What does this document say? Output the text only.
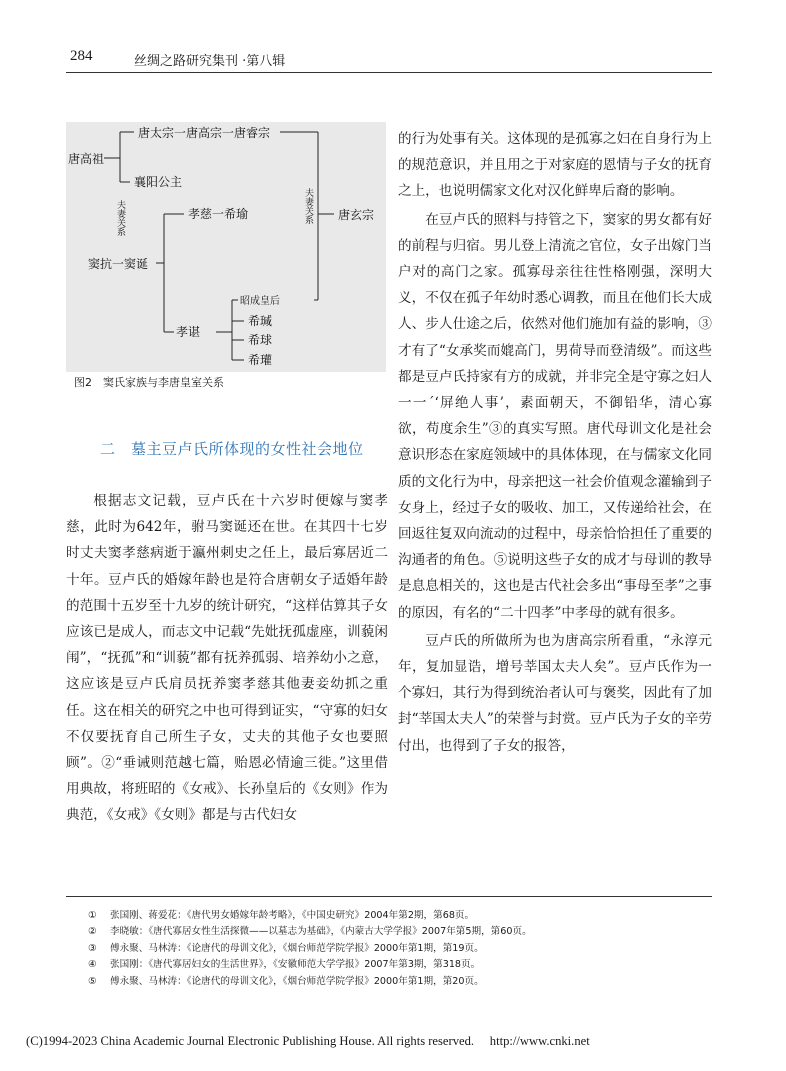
284	丝绸之路研究集刊 ·第八辑
唐太宗一唐高宗一唐睿宗
唐高祖
襄阳公主
夫妻关系	孝慈一希瑜	夫妻关系 唐玄宗
窦抗一窦诞
昭成皇后
孝谌
希瑊
希球
希瓘
图2　窦氏家族与李唐皇室关系
二　墓主豆卢氏所体现的女性社会地位

根据志文记载，豆卢氏在十六岁时便嫁与窦孝慈，此时为642年，驸马窦诞还在世。在其四十七岁时丈夫窦孝慈病逝于瀛州刺史之任上，最后寡居近二十年。豆卢氏的婚嫁年龄也是符合唐朝女子适婚年龄的范围十五岁至十九岁的统计研究，“这样估算其子女应该已是成人，而志文中记载“先妣抚孤虚座，训藐闲闱”，“抚孤”和“训藐”都有抚养孤弱、培养幼小之意，这应该是豆卢氏肩员抚养窦孝慈其他妻妾幼抓之重任。这在相关的研究之中也可得到证实，“守寡的妇女不仅要抚育自己所生子女，丈夫的其他子女也要照顾”。②“垂诫则范越七篇，贻恩必情逾三徙。”这里借用典故，将班昭的《女戒》、长孙皇后的《女则》作为典范，《女戒》《女则》都是与古代妇女

的行为处事有关。这体现的是孤寡之妇在自身行为上的规范意识，并且用之于对家庭的恩情与子女的抚育之上，也说明儒家文化对汉化鲜卑后裔的影响。

在豆卢氏的照料与持管之下，窦家的男女都有好的前程与归宿。男儿登上清流之官位，女子出嫁门当户对的高门之家。孤寡母亲往往性格刚强，深明大义，不仅在孤子年幼时悉心调教，而且在他们长大成人、步人仕途之后，依然对他们施加有益的影响，③才有了“女承奖而媲高门，男荷导而登清级”。而这些都是豆卢氏持家有方的成就，并非完全是守寡之妇人一一´‘屏绝人事’，素面朝天，不御铅华，清心寡欲，苟度余生”③的真实写照。唐代母训文化是社会意识形态在家庭领域中的具体体现，在与儒家文化同质的文化行为中，母亲把这一社会价值观念灌输到子女身上，经过子女的吸收、加工，又传递给社会，在回返往复双向流动的过程中，母亲恰恰担任了重要的沟通者的角色。⑤说明这些子女的成才与母训的教导是息息相关的，这也是古代社会多出“事母至孝”之事的原因，有名的“二十四孝”中孝母的就有很多。

豆卢氏的所做所为也为唐高宗所看重，“永淳元年，复加显诰，增号莘国太夫人矣”。豆卢氏作为一个寡妇，其行为得到统治者认可与褒奖，因此有了加封“莘国太夫人”的荣誉与封赏。豆卢氏为子女的辛劳付出，也得到了子女的报答，

① 张国刚、蒋爱花：《唐代男女婚嫁年龄考略》，《中国史研究》2004年第2期，第68页。
② 李晓敏：《唐代寡居女性生活探微——以墓志为基础》，《内蒙古大学学报》2007年第5期，第60页。
③ 傅永聚、马林涛：《论唐代的母训文化》，《烟台师范学院学报》2000年第1期，第19页。
④ 张国刚：《唐代寡居妇女的生活世界》，《安徽师范大学学报》2007年第3期，第318页。
⑤ 傅永聚、马林涛：《论唐代的母训文化》，《烟台师范学院学报》2000年第1期，第20页。
(C)1994-2023 China Academic Journal Electronic Publishing House. All rights reserved.　 http://www.cnki.net
